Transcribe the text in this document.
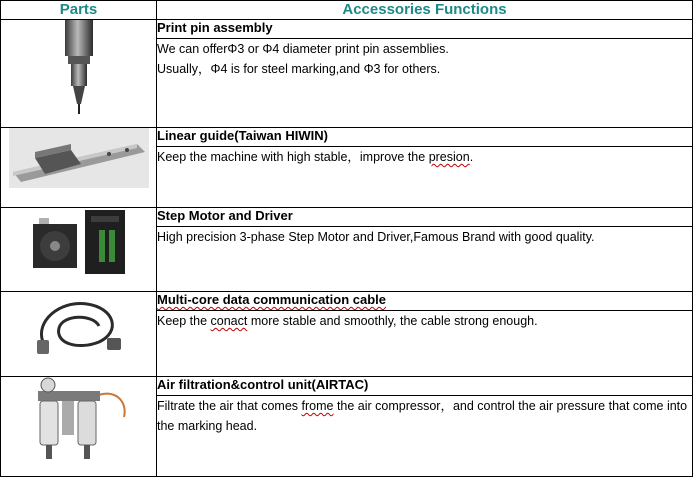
Parts	Accessories Functions

	Print pin assembly

	We can offerΦ3 or Φ4 diameter print pin assemblies.
Usually，Φ4 is for steel marking,and Φ3 for others.

	Linear guide(Taiwan HIWIN)
	Keep the machine with high stable，improve the presion.

	Step Motor and Driver
	High precision 3-phase Step Motor and Driver,Famous Brand with good quality.

	Multi-core data communication cable
	Keep the conact more stable and smoothly, the cable strong enough.

	Air filtration&control unit(AIRTAC)
	Filtrate the air that comes frome the air compressor，and control the air pressure that come into the marking head.
